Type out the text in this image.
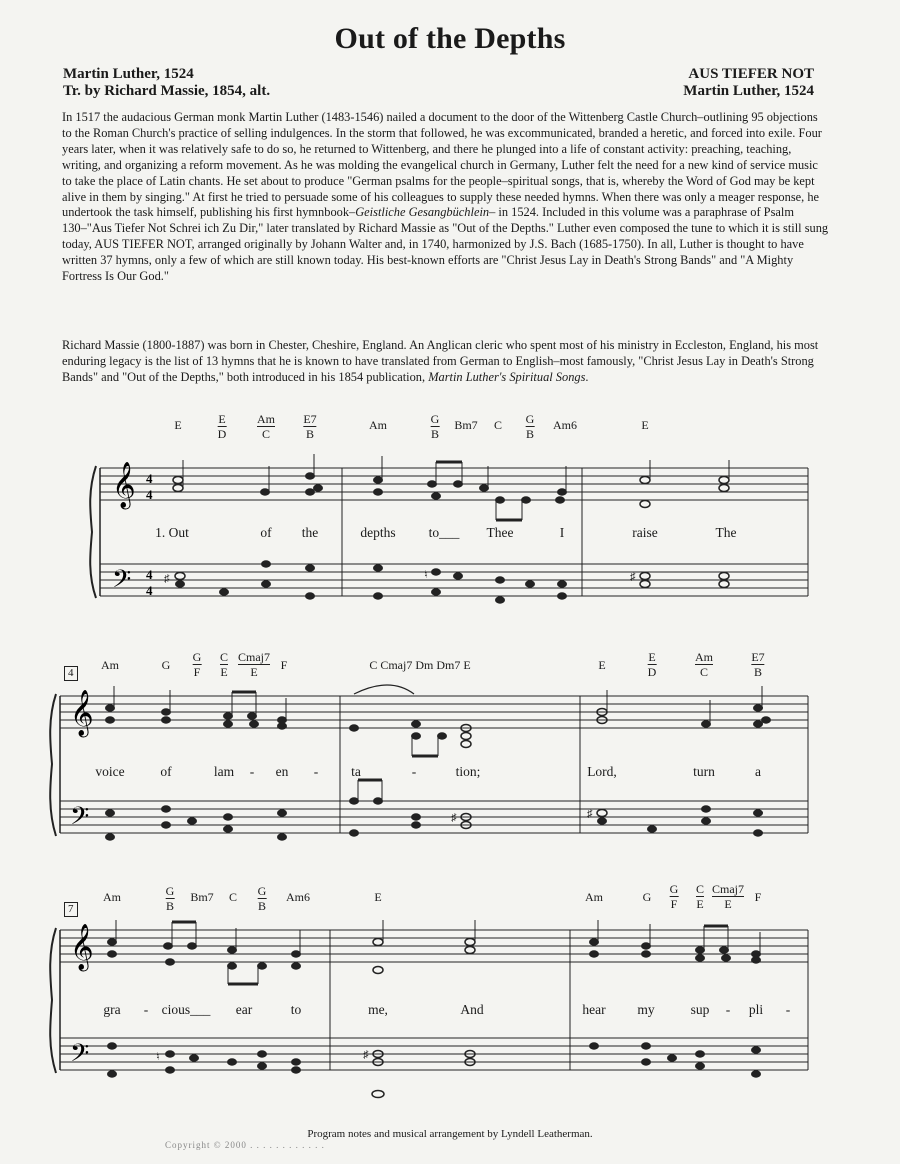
Out of the Depths
Martin Luther, 1524
Tr. by Richard Massie, 1854, alt.
AUS TIEFER NOT
Martin Luther, 1524

In 1517 the audacious German monk Martin Luther (1483-1546) nailed a document to the door of the Wittenberg Castle Church–outlining 95 objections to the Roman Church's practice of selling indulgences. In the storm that followed, he was excommunicated, branded a heretic, and forced into exile. Four years later, when it was relatively safe to do so, he returned to Wittenberg, and there he plunged into a life of constant activity: preaching, teaching, writing, and organizing a reform movement. As he was molding the evangelical church in Germany, Luther felt the need for a new kind of service music to take the place of Latin chants. He set about to produce "German psalms for the people–spiritual songs, that is, whereby the Word of God may be kept alive in them by singing." At first he tried to persuade some of his colleagues to supply these needed hymns. When there was only a meager response, he undertook the task himself, publishing his first hymnbook–Geistliche Gesangbüchlein– in 1524. Included in this volume was a paraphrase of Psalm 130–"Aus Tiefer Not Schrei ich Zu Dir," later translated by Richard Massie as "Out of the Depths." Luther even composed the tune to which it is still sung today, AUS TIEFER NOT, arranged originally by Johann Walter and, in 1740, harmonized by J.S. Bach (1685-1750). In all, Luther is thought to have written 37 hymns, only a few of which are still known today. His best-known efforts are "Christ Jesus Lay in Death's Strong Bands" and "A Mighty Fortress Is Our God."

Richard Massie (1800-1887) was born in Chester, Cheshire, England. An Anglican cleric who spent most of his ministry in Eccleston, England, his most enduring legacy is the list of 13 hymns that he is known to have translated from German to English–most famously, "Christ Jesus Lay in Death's Strong Bands" and "Out of the Depths," both introduced in his 1854 publication, Martin Luther's Spiritual Songs.

E	E
D
Am
C
E7
B
Am	G
B
Bm7 C G
B
Am6	E
𝄞
𝄢
4
4
4
4
♯	♮	♯
1. Out	of the	depths to___ Thee	I	raise	The
4
Am	G
G
F
C
E
Cmaj7
E	F	C Cmaj7 Dm Dm7 E	E
E
D
Am
C
E7
B
𝄞
𝄢	♯	♯
voice	of	lam - en - ta	-	tion;	Lord,	turn	a
7
Am	G
B
Bm7 C G
B
Am6	E	Am	G
G
F
C
E
Cmaj7
E	F
𝄞
𝄢	♮	♯
gra - cious___ ear	to	me,	And	hear my	sup - pli -
Program notes and musical arrangement by Lyndell Leatherman.
Copyright © 2000 . . . . . . . . . . . .
